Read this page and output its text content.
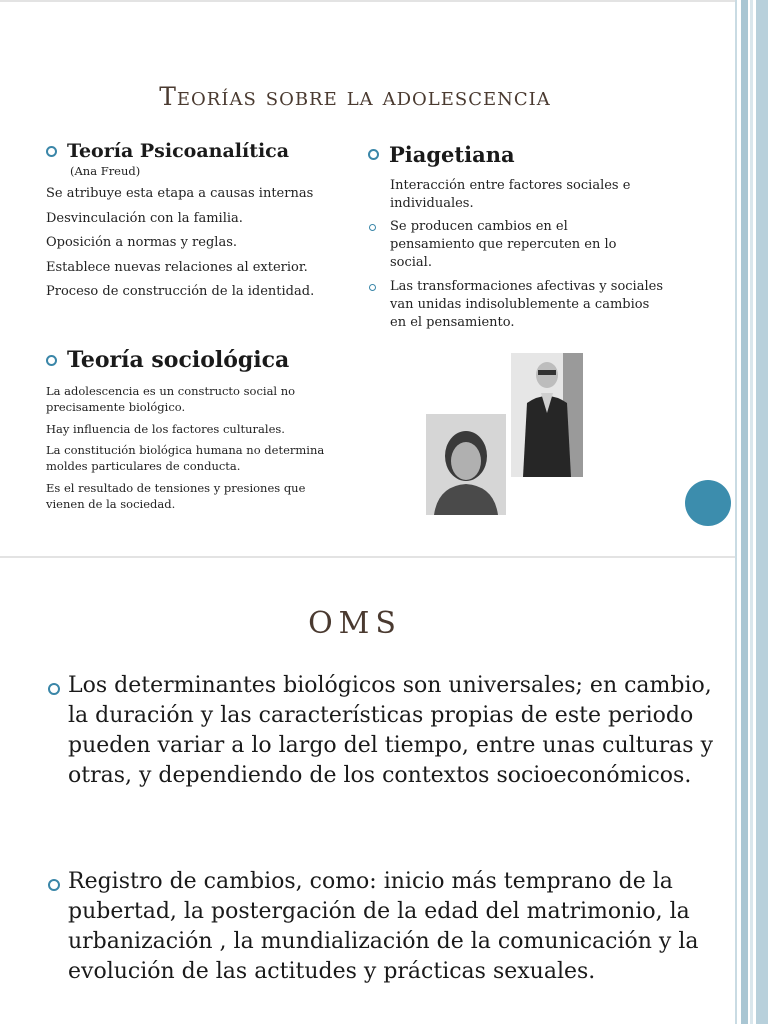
Teorías sobre la adolescencia
Teoría Psicoanalítica
(Ana Freud)
Se atribuye esta etapa a causas internas
Desvinculación con la familia.
Oposición a normas y reglas.
Establece nuevas relaciones al exterior.
Proceso de construcción de la identidad.
Piagetiana
Interacción entre factores sociales e individuales.
Se producen cambios en el pensamiento que repercuten en lo social.
Las transformaciones afectivas y sociales van unidas indisolublemente a cambios en el pensamiento.
Teoría sociológica
La adolescencia es un constructo social no precisamente biológico.
Hay influencia de los factores culturales.
La constitución biológica humana no determina moldes particulares de conducta.
Es el resultado de tensiones y presiones que vienen de la sociedad.
OMS
Los determinantes biológicos son universales; en cambio, la duración y las características propias de este periodo pueden variar a lo largo del tiempo, entre unas culturas y otras, y dependiendo de los contextos socioeconómicos.
Registro de cambios, como: inicio más temprano de la pubertad, la postergación de la edad del matrimonio, la urbanización , la mundialización de la comunicación y la evolución de las actitudes y prácticas sexuales.
